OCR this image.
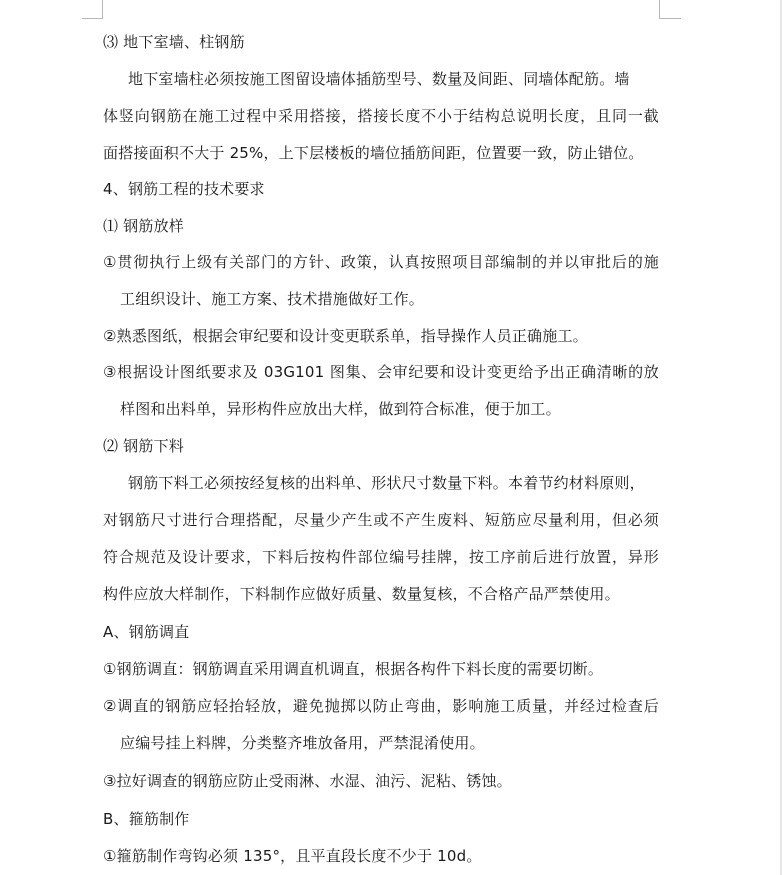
⑶ 地下室墙、柱钢筋
地下室墙柱必须按施工图留设墙体插筋型号、数量及间距、同墙体配筋。墙
体竖向钢筋在施工过程中采用搭接，搭接长度不小于结构总说明长度，且同一截
面搭接面积不大于 25%，上下层楼板的墙位插筋间距，位置要一致，防止错位。
4、钢筋工程的技术要求
⑴ 钢筋放样
①贯彻执行上级有关部门的方针、政策，认真按照项目部编制的并以审批后的施
工组织设计、施工方案、技术措施做好工作。
②熟悉图纸，根据会审纪要和设计变更联系单，指导操作人员正确施工。
③根据设计图纸要求及 03G101 图集、会审纪要和设计变更给予出正确清晰的放
样图和出料单，异形构件应放出大样，做到符合标准，便于加工。
⑵ 钢筋下料
钢筋下料工必须按经复核的出料单、形状尺寸数量下料。本着节约材料原则，
对钢筋尺寸进行合理搭配，尽量少产生或不产生废料、短筋应尽量利用，但必须
符合规范及设计要求，下料后按构件部位编号挂牌，按工序前后进行放置，异形
构件应放大样制作，下料制作应做好质量、数量复核，不合格产品严禁使用。
A、钢筋调直
①钢筋调直：钢筋调直采用调直机调直，根据各构件下料长度的需要切断。
②调直的钢筋应轻抬轻放，避免抛掷以防止弯曲，影响施工质量，并经过检查后
应编号挂上料牌，分类整齐堆放备用，严禁混淆使用。
③拉好调查的钢筋应防止受雨淋、水湿、油污、泥粘、锈蚀。
B、箍筋制作
①箍筋制作弯钩必须 135°，且平直段长度不少于 10d。
